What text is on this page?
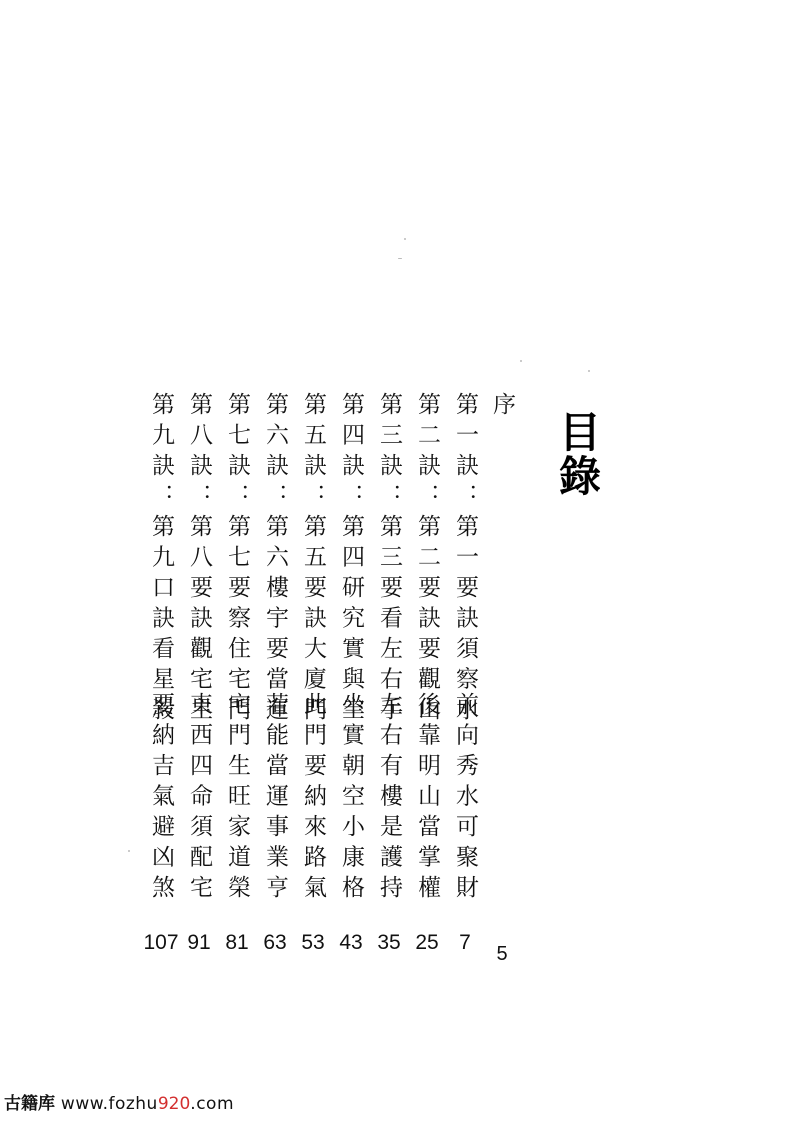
目錄
序
5
第一訣：第一要訣須察水
前向秀水可聚財
7
第二訣：第二要訣要觀山
後靠明山當掌權
25
第三訣：第三要看左右手
左右有樓是護持
35
第四訣：第四研究實與空
坐實朝空小康格
43
第五訣：第五要訣大廈門
此門要納來路氣
53
第六訣：第六樓宇要當運
若能當運事業亨
63
第七訣：第七要察住宅門
宅門生旺家道榮
81
第八訣：第八要訣觀宅主
東西四命須配宅
91
第九訣：第九口訣看星殺
要納吉氣避凶煞
107
古籍库 www.fozhu920.com
